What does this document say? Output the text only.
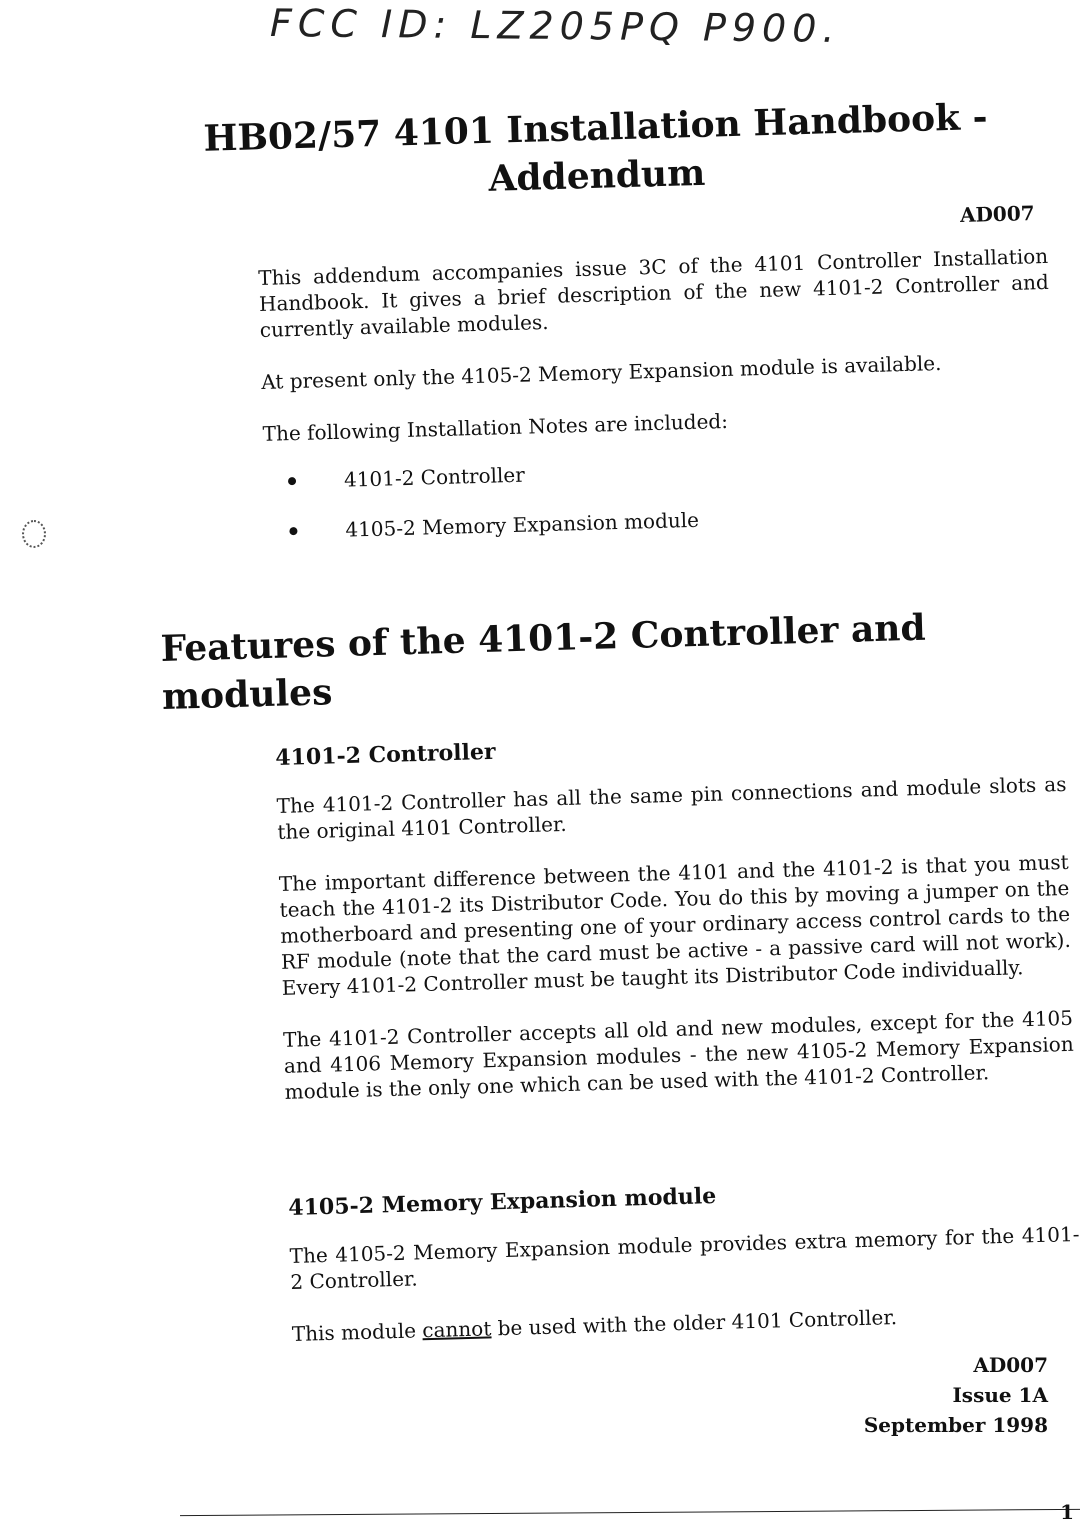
FCC ID: LZ205PQ P900.
HB02/57 4101 Installation Handbook -
Addendum
AD007

This addendum accompanies issue 3C of the 4101 Controller Installation Handbook. It gives a brief description of the new 4101-2 Controller and currently available modules.

At present only the 4105-2 Memory Expansion module is available.

The following Installation Notes are included:

4101-2 Controller
4105-2 Memory Expansion module
Features of the 4101-2 Controller and modules
4101-2 Controller

The 4101-2 Controller has all the same pin connections and module slots as the original 4101 Controller.

The important difference between the 4101 and the 4101-2 is that you must teach the 4101-2 its Distributor Code. You do this by moving a jumper on the motherboard and presenting one of your ordinary access control cards to the RF module (note that the card must be active - a passive card will not work). Every 4101-2 Controller must be taught its Distributor Code individually.

The 4101-2 Controller accepts all old and new modules, except for the 4105 and 4106 Memory Expansion modules - the new 4105-2 Memory Expansion module is the only one which can be used with the 4101-2 Controller.

4105-2 Memory Expansion module

The 4105-2 Memory Expansion module provides extra memory for the 4101-2 Controller.

This module cannot be used with the older 4101 Controller.

AD007
Issue 1A
September 1998
1
